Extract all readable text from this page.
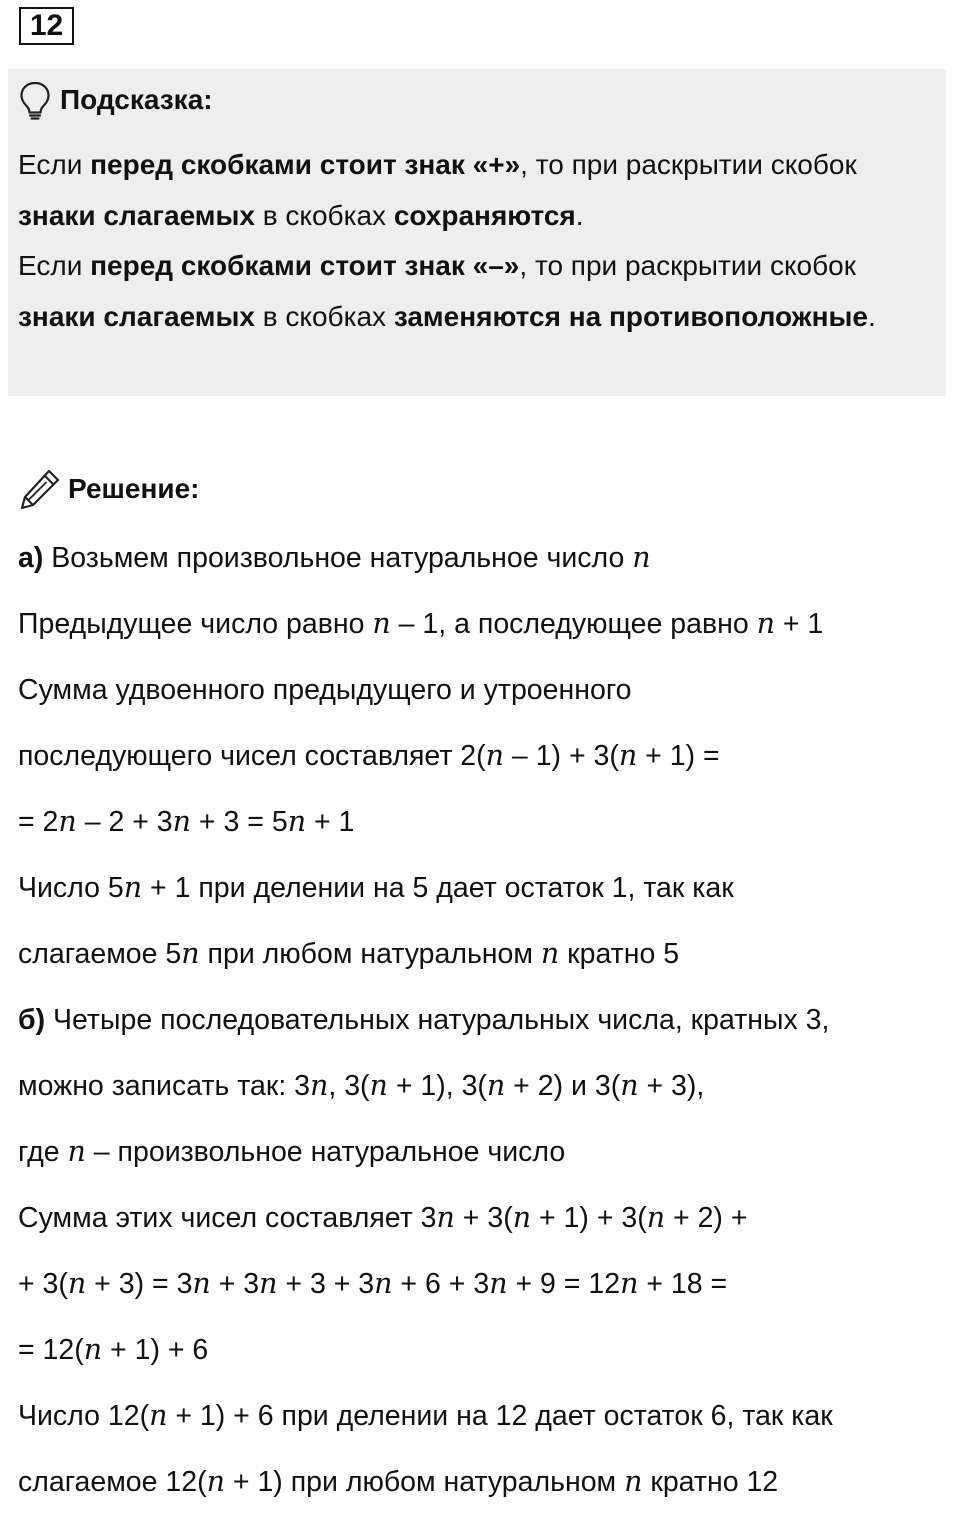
12
Подсказка:

Если перед скобками стоит знак «+», то при раскрытии скобок знаки слагаемых в скобках сохраняются.

Если перед скобками стоит знак «–», то при раскрытии скобок знаки слагаемых в скобках заменяются на противоположные.

Решение:
а) Возьмем произвольное натуральное число n
Предыдущее число равно n – 1, а последующее равно n + 1
Сумма удвоенного предыдущего и утроенного
последующего чисел составляет 2(n – 1) + 3(n + 1) =
= 2n – 2 + 3n + 3 = 5n + 1
Число 5n + 1 при делении на 5 дает остаток 1, так как
слагаемое 5n при любом натуральном n кратно 5
б) Четыре последовательных натуральных числа, кратных 3,
можно записать так: 3n, 3(n + 1), 3(n + 2) и 3(n + 3),
где n – произвольное натуральное число
Сумма этих чисел составляет 3n + 3(n + 1) + 3(n + 2) +
+ 3(n + 3) = 3n + 3n + 3 + 3n + 6 + 3n + 9 = 12n + 18 =
= 12(n + 1) + 6
Число 12(n + 1) + 6 при делении на 12 дает остаток 6, так как
слагаемое 12(n + 1) при любом натуральном n кратно 12
